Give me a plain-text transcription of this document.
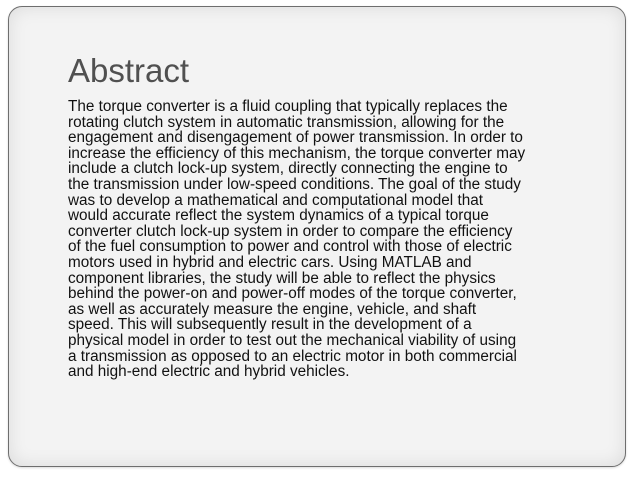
Abstract

The torque converter is a fluid coupling that typically replaces the
rotating clutch system in automatic transmission, allowing for the
engagement and disengagement of power transmission. In order to
increase the efficiency of this mechanism, the torque converter may
include a clutch lock-up system, directly connecting the engine to
the transmission under low-speed conditions. The goal of the study
was to develop a mathematical and computational model that
would accurate reflect the system dynamics of a typical torque
converter clutch lock-up system in order to compare the efficiency
of the fuel consumption to power and control with those of electric
motors used in hybrid and electric cars. Using MATLAB and
component libraries, the study will be able to reflect the physics
behind the power-on and power-off modes of the torque converter,
as well as accurately measure the engine, vehicle, and shaft
speed. This will subsequently result in the development of a
physical model in order to test out the mechanical viability of using
a transmission as opposed to an electric motor in both commercial
and high-end electric and hybrid vehicles.
